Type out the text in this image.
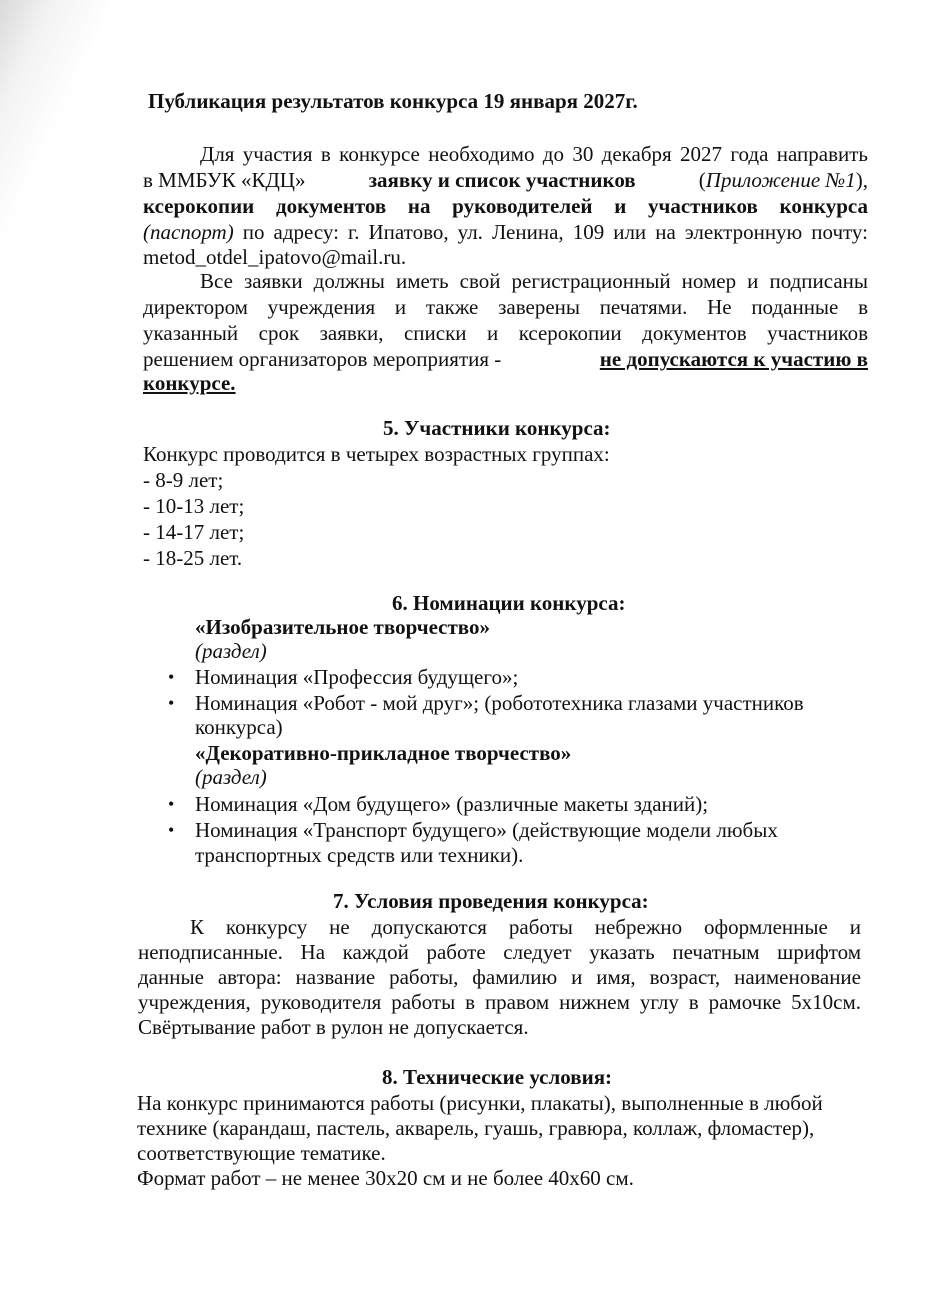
Публикация результатов конкурса 19 января 2027г.
Для участия в конкурсе необходимо до 30 декабря 2027 года направить
в ММБУК «КДЦ»	заявку и список участников	(Приложение №1),
ксерокопии документов на руководителей и участников конкурса
(паспорт) по адресу: г. Ипатово, ул. Ленина, 109 или на электронную почту:
metod_otdel_ipatovo@mail.ru.
Все заявки должны иметь свой регистрационный номер и подписаны
директором учреждения и также заверены печатями. Не поданные в
указанный срок заявки, списки и ксерокопии документов участников
решением организаторов мероприятия -	не допускаются к участию в
конкурсе.
5. Участники конкурса:
Конкурс проводится в четырех возрастных группах:
- 8-9 лет;
- 10-13 лет;
- 14-17 лет;
- 18-25 лет.
6. Номинации конкурса:
«Изобразительное творчество»
(раздел)
• Номинация «Профессия будущего»;
• Номинация «Робот - мой друг»; (робототехника глазами участников
конкурса)
«Декоративно-прикладное творчество»
(раздел)
• Номинация «Дом будущего» (различные макеты зданий);
• Номинация «Транспорт будущего» (действующие модели любых
транспортных средств или техники).
7. Условия проведения конкурса:
К конкурсу не допускаются работы небрежно оформленные и
неподписанные. На каждой работе следует указать печатным шрифтом
данные автора: название работы, фамилию и имя, возраст, наименование
учреждения, руководителя работы в правом нижнем углу в рамочке 5х10см.
Свёртывание работ в рулон не допускается.
8. Технические условия:
На конкурс принимаются работы (рисунки, плакаты), выполненные в любой
технике (карандаш, пастель, акварель, гуашь, гравюра, коллаж, фломастер),
соответствующие тематике.
Формат работ – не менее 30х20 см и не более 40х60 см.
